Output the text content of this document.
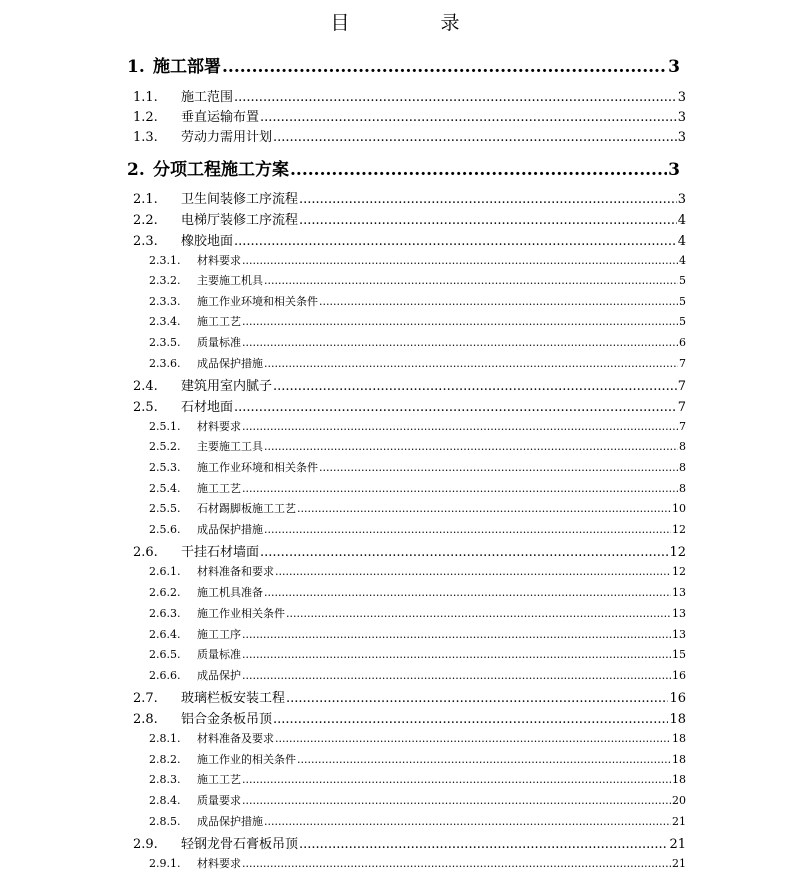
目　录
1. 施工部署 .....	3
1.1.	施工范围 .....	3
1.2.	垂直运输布置 .....	3
1.3.	劳动力需用计划 .....	3
2. 分项工程施工方案 .....	3
2.1.	卫生间装修工序流程 .....	3
2.2.	电梯厅装修工序流程 .....	4
2.3.	橡胶地面 .....	4
2.3.1.	材料要求 .....	4
2.3.2.	主要施工机具 .....	5
2.3.3.	施工作业环境和相关条件 .....	5
2.3.4.	施工工艺 .....	5
2.3.5.	质量标准 .....	6
2.3.6.	成品保护措施 .....	7
2.4.	建筑用室内腻子 .....	7
2.5.	石材地面 .....	7
2.5.1.	材料要求 .....	7
2.5.2.	主要施工工具 .....	8
2.5.3.	施工作业环境和相关条件 .....	8
2.5.4.	施工工艺 .....	8
2.5.5.	石材踢脚板施工工艺 .....	10
2.5.6.	成品保护措施 .....	12
2.6.	干挂石材墙面 .....	12
2.6.1.	材料准备和要求 .....	12
2.6.2.	施工机具准备 .....	13
2.6.3.	施工作业相关条件 .....	13
2.6.4.	施工工序 .....	13
2.6.5.	质量标准 .....	15
2.6.6.	成品保护 .....	16
2.7.	玻璃栏板安装工程 .....	16
2.8.	铝合金条板吊顶 .....	18
2.8.1.	材料准备及要求 .....	18
2.8.2.	施工作业的相关条件 .....	18
2.8.3.	施工工艺 .....	18
2.8.4.	质量要求 .....	20
2.8.5.	成品保护措施 .....	21
2.9.	轻钢龙骨石膏板吊顶 .....	21
2.9.1.	材料要求 .....	21
